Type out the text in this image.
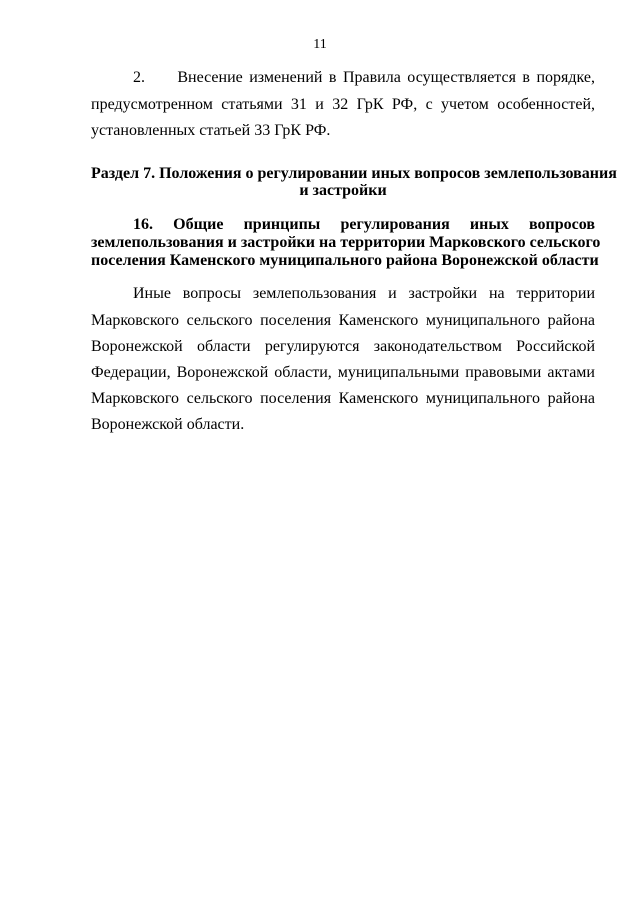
11
2.     Внесение изменений в Правила осуществляется в порядке,
предусмотренном статьями 31 и 32 ГрК РФ, с учетом особенностей,
установленных статьей 33 ГрК РФ.
Раздел 7. Положения о регулировании иных вопросов землепользования
и застройки
16. Общие принципы регулирования иных вопросов
землепользования и застройки на территории Марковского сельского
поселения Каменского муниципального района Воронежской области
Иные вопросы землепользования и застройки на территории
Марковского сельского поселения Каменского муниципального района
Воронежской области регулируются законодательством Российской
Федерации, Воронежской области, муниципальными правовыми актами
Марковского сельского поселения Каменского муниципального района
Воронежской области.
